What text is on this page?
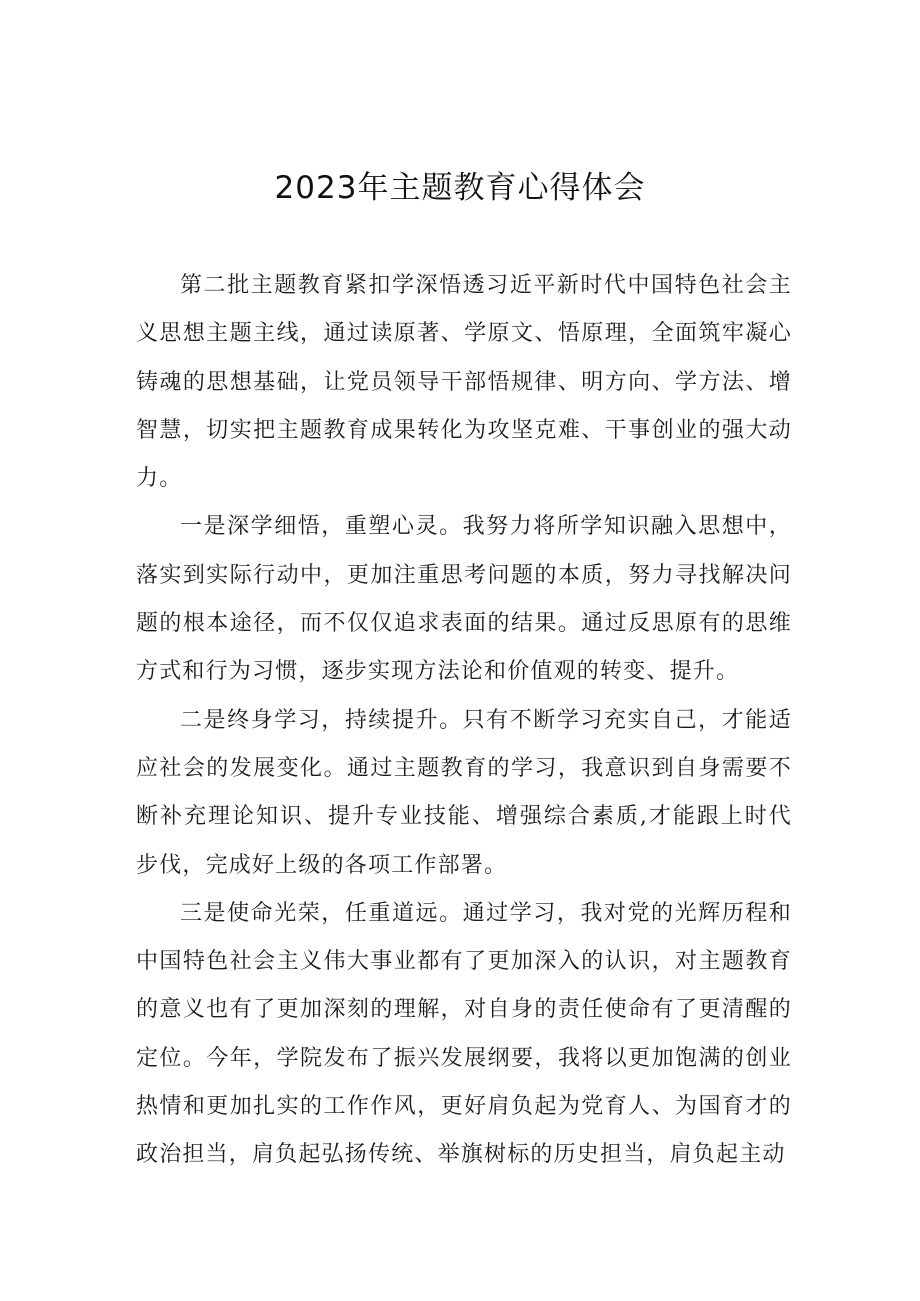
2023年主题教育心得体会

第二批主题教育紧扣学深悟透习近平新时代中国特色社会主义思想主题主线，通过读原著、学原文、悟原理，全面筑牢凝心铸魂的思想基础，让党员领导干部悟规律、明方向、学方法、增智慧，切实把主题教育成果转化为攻坚克难、干事创业的强大动力。

一是深学细悟，重塑心灵。我努力将所学知识融入思想中，落实到实际行动中，更加注重思考问题的本质，努力寻找解决问题的根本途径，而不仅仅追求表面的结果。通过反思原有的思维方式和行为习惯，逐步实现方法论和价值观的转变、提升。

二是终身学习，持续提升。只有不断学习充实自己，才能适应社会的发展变化。通过主题教育的学习，我意识到自身需要不断补充理论知识、提升专业技能、增强综合素质,才能跟上时代步伐，完成好上级的各项工作部署。

三是使命光荣，任重道远。通过学习，我对党的光辉历程和中国特色社会主义伟大事业都有了更加深入的认识，对主题教育的意义也有了更加深刻的理解，对自身的责任使命有了更清醒的定位。今年，学院发布了振兴发展纲要，我将以更加饱满的创业热情和更加扎实的工作作风，更好肩负起为党育人、为国育才的政治担当，肩负起弘扬传统、举旗树标的历史担当，肩负起主动
